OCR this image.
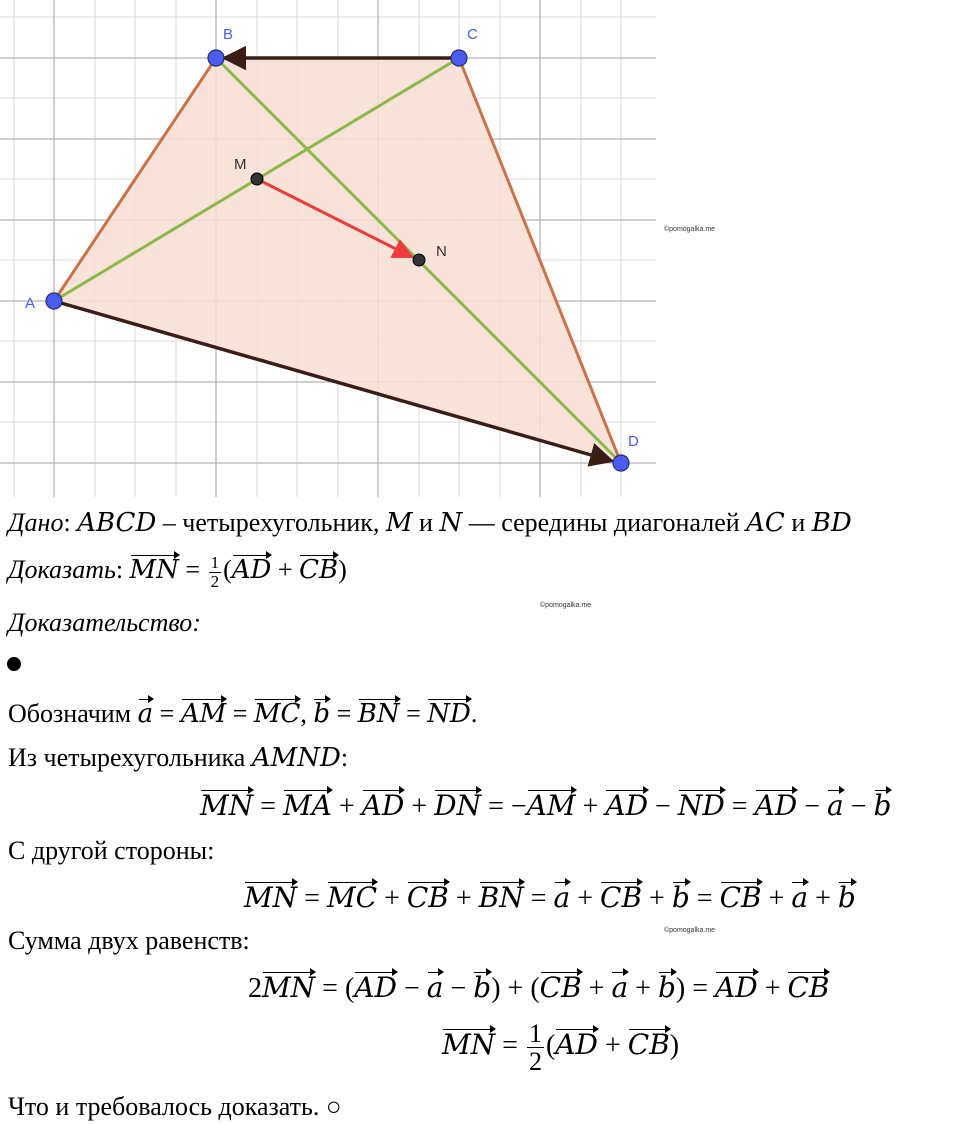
A
B	C
D
M
N
©pomogalka.me
©pomogalka.me
©pomogalka.me
Дано: ABCD – четырехугольник, M и N — середины диагоналей AC и BD
Доказать: MN = $\frac{1}{2} (AD + CB)$
Доказательство:
Обозначим a = AM = MC, b = BN = ND.
Из четырехугольника AMND:
MN = MA + AD + DN = −AM + AD − ND = AD − a − b
С другой стороны:
MN = MC + CB + BN = a + CB + b = CB + a + b
Сумма двух равенств:
2MN = (AD − a − b) + (CB + a + b) = AD + CB
MN = $\frac{1}{2} (AD + CB)$
Что и требовалось доказать. ○
